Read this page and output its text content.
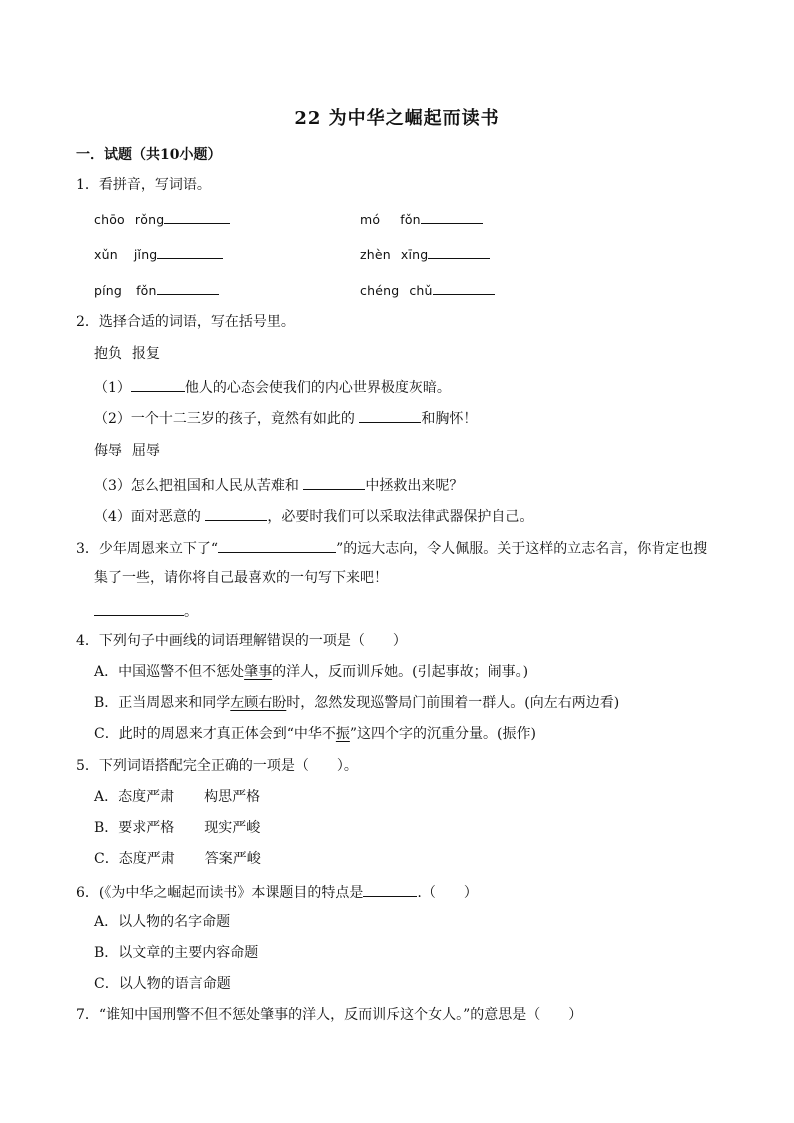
22 为中华之崛起而读书
一．试题（共10小题）
1．看拼音，写词语。
chōo rǒng	mó fǒn
xǔn jǐng	zhèn xīng
píng fǒn	chéng chǔ
2．选择合适的词语，写在括号里。
抱负 报复
（1）	他人的心态会使我们的内心世界极度灰暗。
（2）一个十二三岁的孩子，竟然有如此的	和胸怀！
侮辱 屈辱
（3）怎么把祖国和人民从苦难和	中拯救出来呢？
（4）面对恶意的	，必要时我们可以采取法律武器保护自己。
3．少年周恩来立下了“	”的远大志向，令人佩服。关于这样的立志名言，你肯定也搜
集了一些，请你将自己最喜欢的一句写下来吧！
。
4．下列句子中画线的词语理解错误的一项是（　　）
A．中国巡警不但不惩处肇事的洋人，反而训斥她。(引起事故；闹事。)
B．正当周恩来和同学左顾右盼时，忽然发现巡警局门前围着一群人。(向左右两边看)
C．此时的周恩来才真正体会到“中华不振”这四个字的沉重分量。(振作)
5．下列词语搭配完全正确的一项是（　　）。
A．态度严肃 构思严格
B．要求严格 现实严峻
C．态度严肃 答案严峻
6．(《为中华之崛起而读书》本课题目的特点是	.（　　）
A．以人物的名字命题
B．以文章的主要内容命题
C．以人物的语言命题
7．“谁知中国刑警不但不惩处肇事的洋人，反而训斥这个女人。”的意思是（　　）
